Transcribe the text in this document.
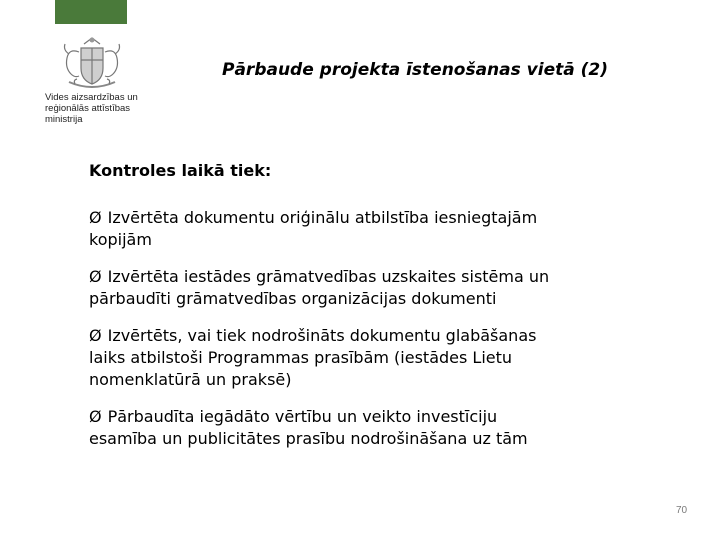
Vides aizsardzības un
reģionālās attīstības
ministrija
Pārbaude projekta īstenošanas vietā (2)
Kontroles laikā tiek:
Ø Izvērtēta dokumentu oriģinālu atbilstība iesniegtajām
kopijām
Ø Izvērtēta iestādes grāmatvedības uzskaites sistēma un
pārbaudīti grāmatvedības organizācijas dokumenti
Ø Izvērtēts, vai tiek nodrošināts dokumentu glabāšanas
laiks atbilstoši Programmas prasībām (iestādes Lietu
nomenklatūrā un praksē)
Ø Pārbaudīta iegādāto vērtību un veikto investīciju
esamība un publicitātes prasību nodrošināšana uz tām
70
